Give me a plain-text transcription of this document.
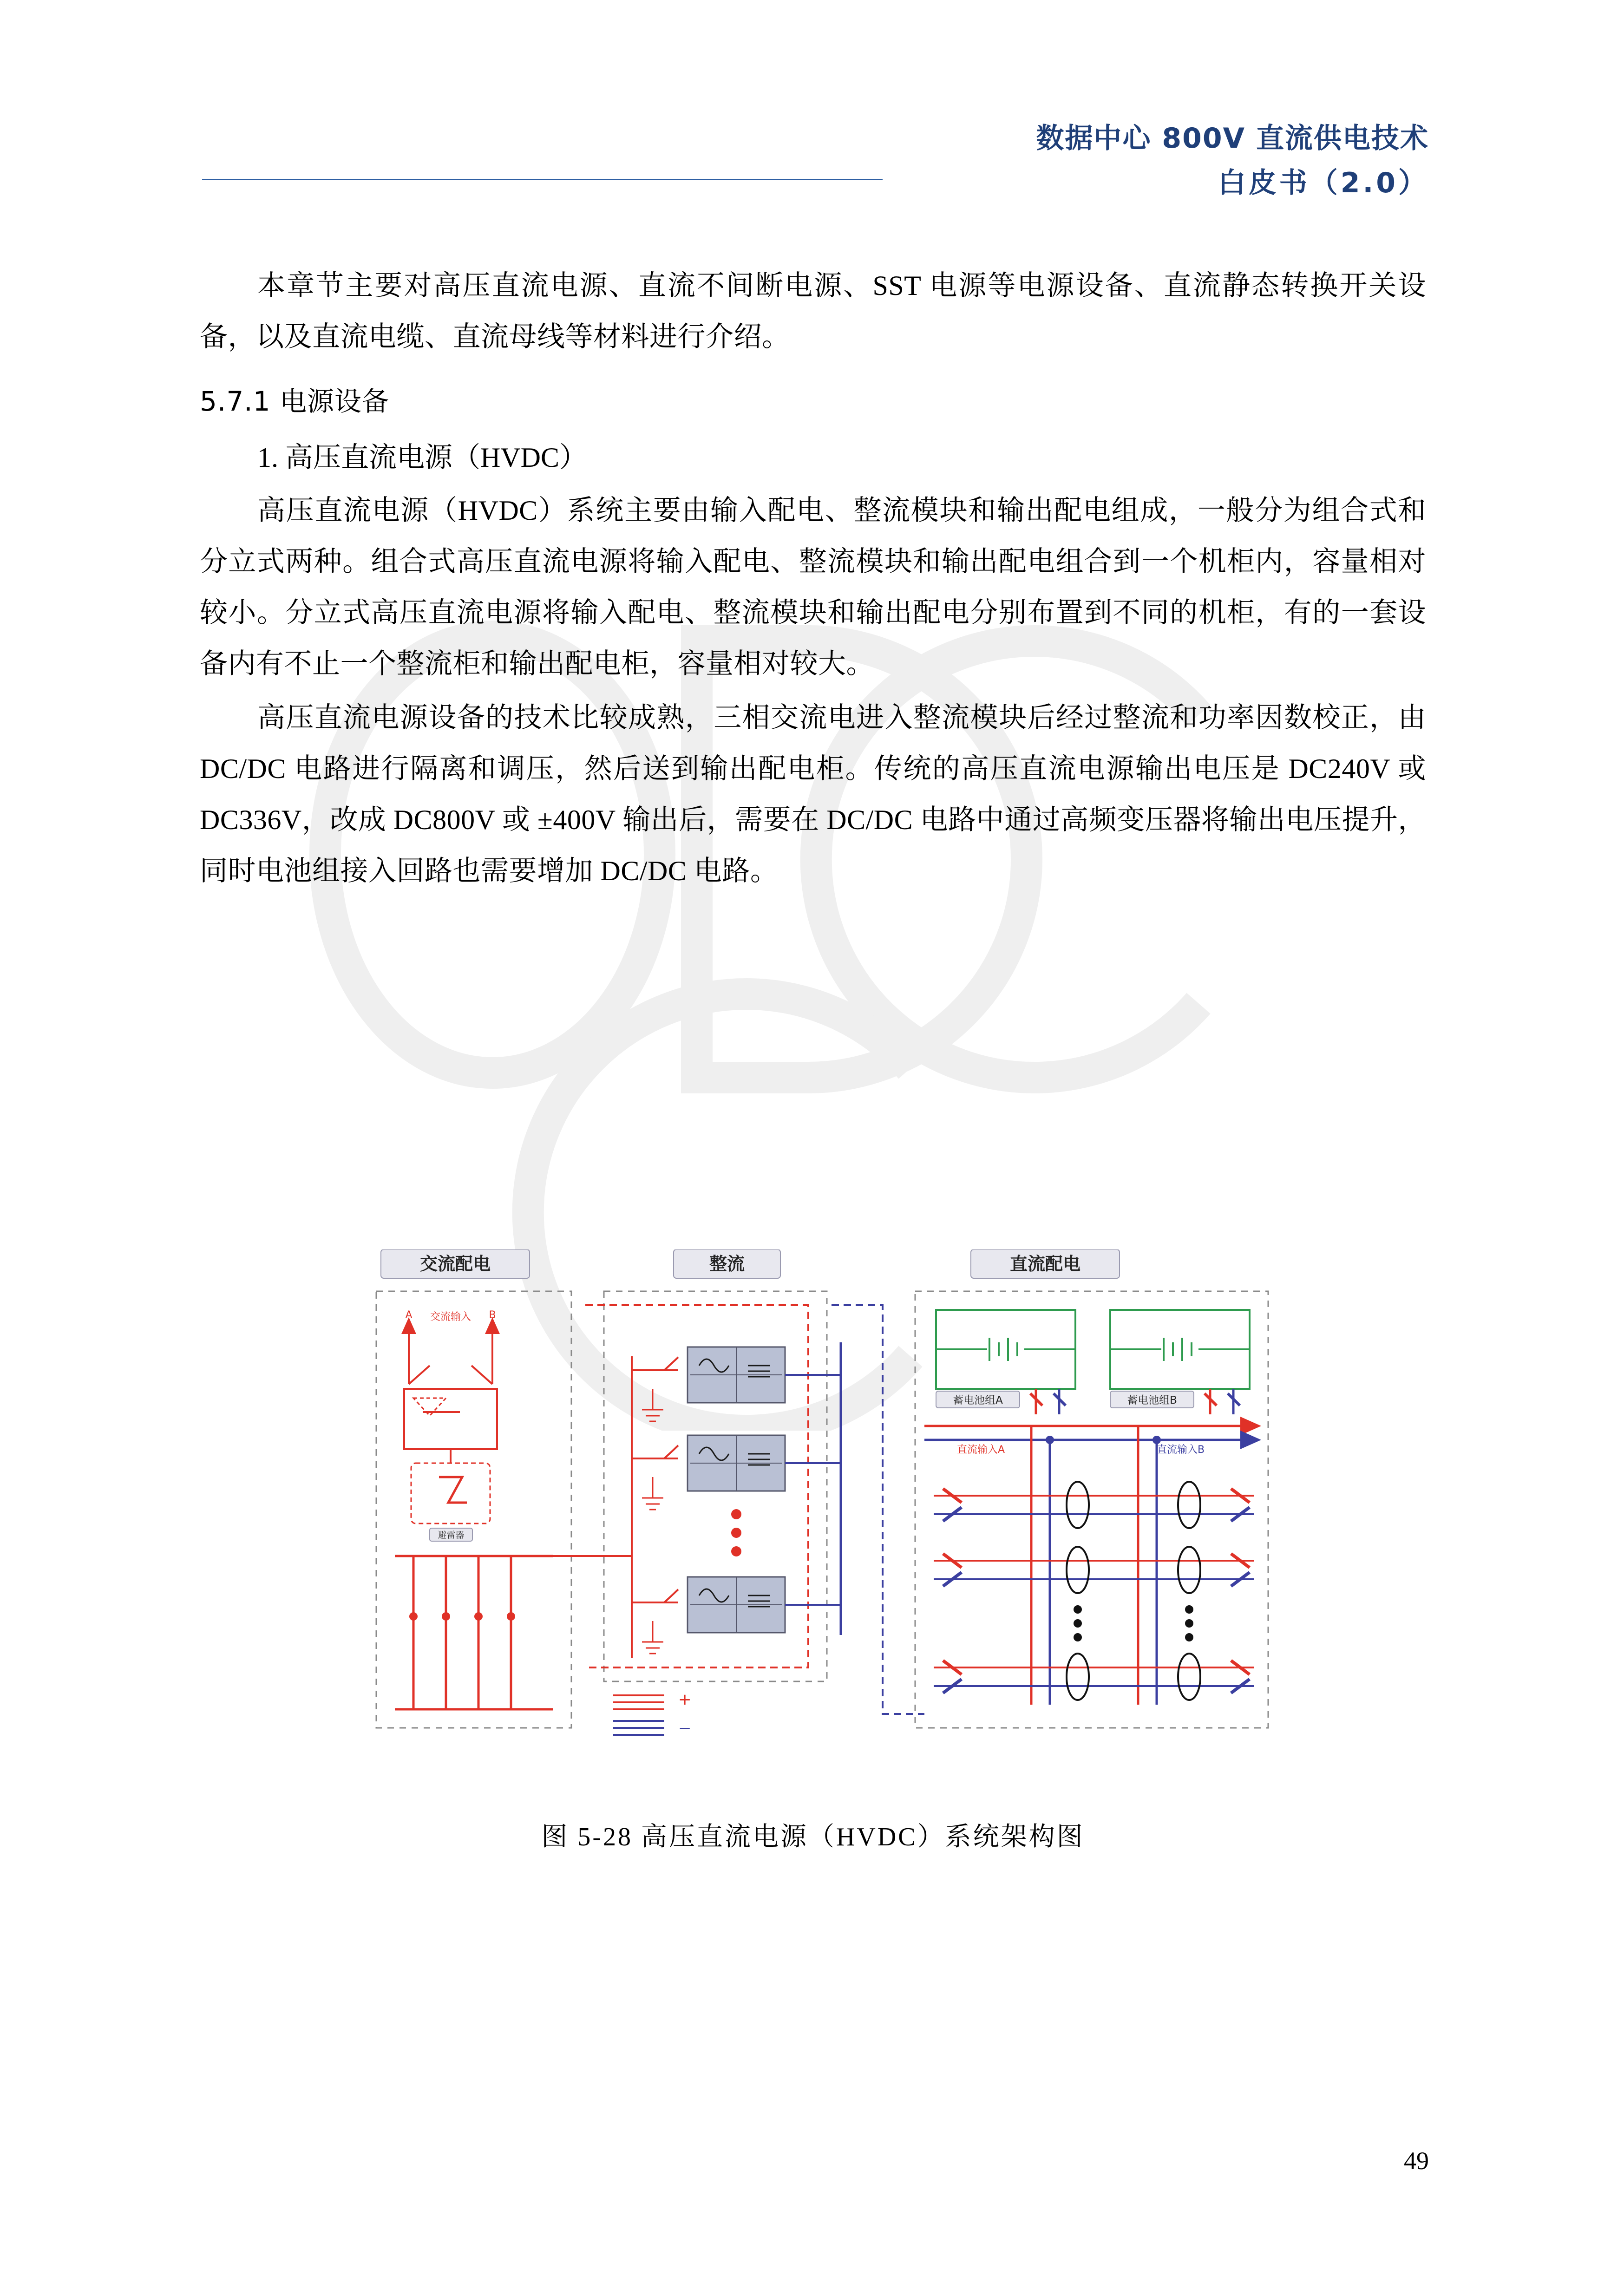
数据中心 800V 直流供电技术
白皮书（2.0）

本章节主要对高压直流电源、直流不间断电源、SST 电源等电源设备、直流静态转换开关设备，以及直流电缆、直流母线等材料进行介绍。

5.7.1 电源设备

1. 高压直流电源（HVDC）

高压直流电源（HVDC）系统主要由输入配电、整流模块和输出配电组成，一般分为组合式和分立式两种。组合式高压直流电源将输入配电、整流模块和输出配电组合到一个机柜内，容量相对较小。分立式高压直流电源将输入配电、整流模块和输出配电分别布置到不同的机柜，有的一套设备内有不止一个整流柜和输出配电柜，容量相对较大。

高压直流电源设备的技术比较成熟，三相交流电进入整流模块后经过整流和功率因数校正，由 DC/DC 电路进行隔离和调压，然后送到输出配电柜。传统的高压直流电源输出电压是 DC240V 或 DC336V，改成 DC800V 或 ±400V 输出后，需要在 DC/DC 电路中通过高频变压器将输出电压提升，同时电池组接入回路也需要增加 DC/DC 电路。

交流配电	整流	直流配电
A	B
交流输入
避雷器
+
−
蓄电池组A	蓄电池组B
直流输入A	直流输入B
图 5-28 高压直流电源（HVDC）系统架构图
49
